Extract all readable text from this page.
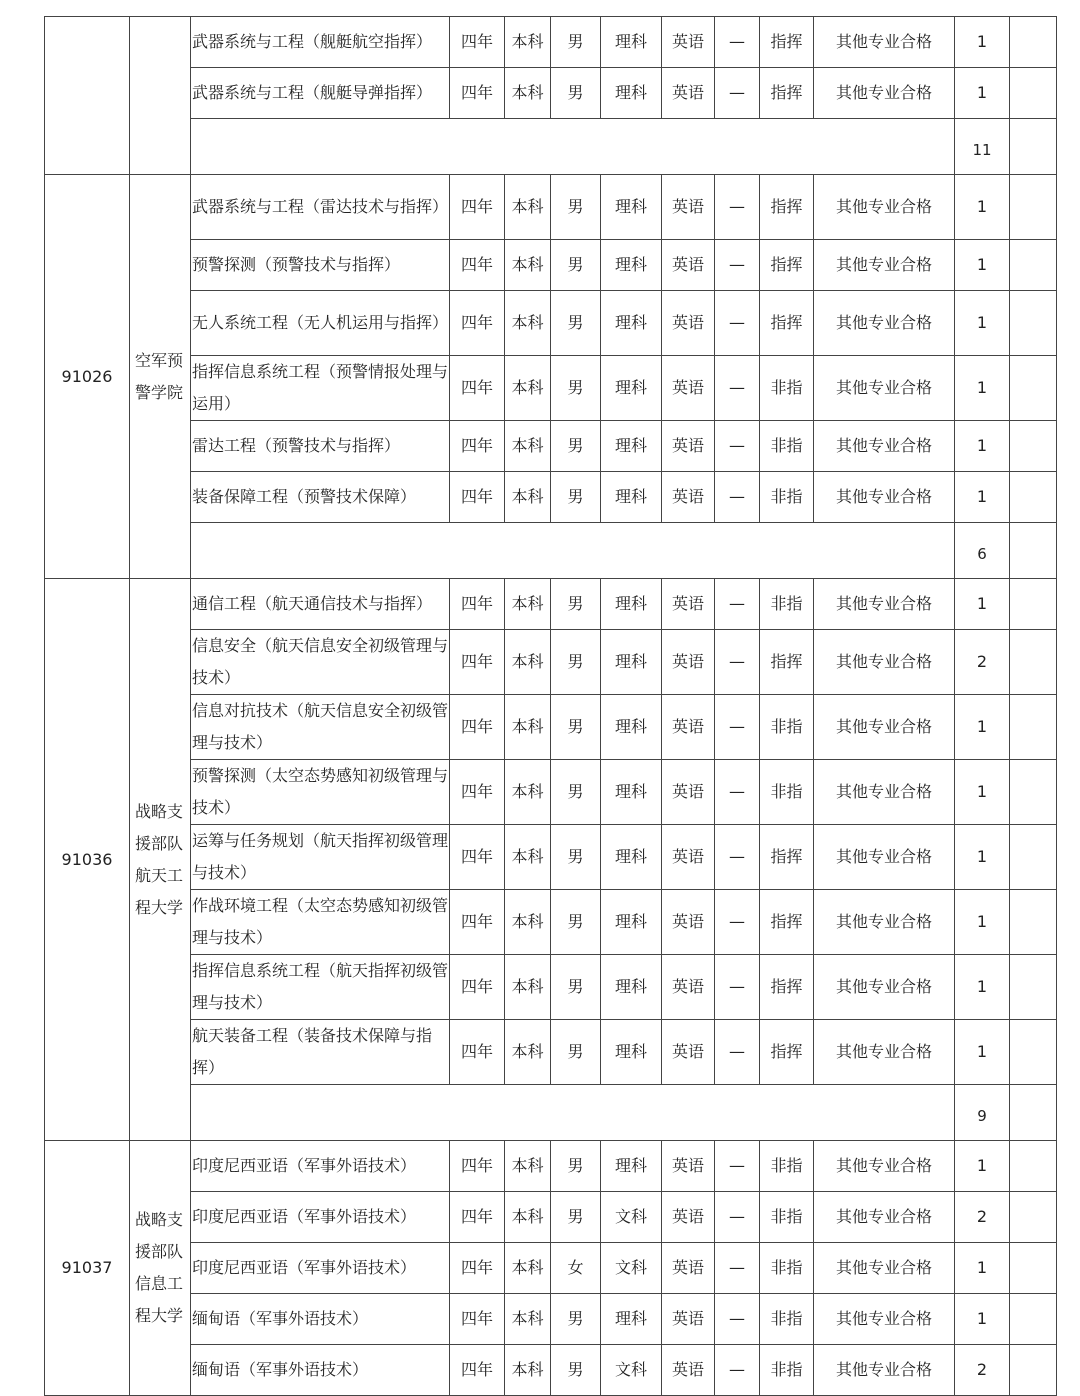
		武器系统与工程（舰艇航空指挥）	四年	本科	男	理科	英语	—	指挥	其他专业合格	1	
		武器系统与工程（舰艇导弹指挥）	四年	本科	男	理科	英语	—	指挥	其他专业合格	1	
											11	
91026	空军预警学院	武器系统与工程（雷达技术与指挥）	四年	本科	男	理科	英语	—	指挥	其他专业合格	1	
		预警探测（预警技术与指挥）	四年	本科	男	理科	英语	—	指挥	其他专业合格	1	
		无人系统工程（无人机运用与指挥）	四年	本科	男	理科	英语	—	指挥	其他专业合格	1	
		指挥信息系统工程（预警情报处理与运用）	四年	本科	男	理科	英语	—	非指	其他专业合格	1	
		雷达工程（预警技术与指挥）	四年	本科	男	理科	英语	—	非指	其他专业合格	1	
		装备保障工程（预警技术保障）	四年	本科	男	理科	英语	—	非指	其他专业合格	1	
											6	
91036	战略支援部队航天工程大学	通信工程（航天通信技术与指挥）	四年	本科	男	理科	英语	—	非指	其他专业合格	1	
		信息安全（航天信息安全初级管理与技术）	四年	本科	男	理科	英语	—	指挥	其他专业合格	2	
		信息对抗技术（航天信息安全初级管理与技术）	四年	本科	男	理科	英语	—	非指	其他专业合格	1	
		预警探测（太空态势感知初级管理与技术）	四年	本科	男	理科	英语	—	非指	其他专业合格	1	
		运筹与任务规划（航天指挥初级管理与技术）	四年	本科	男	理科	英语	—	指挥	其他专业合格	1	
		作战环境工程（太空态势感知初级管理与技术）	四年	本科	男	理科	英语	—	指挥	其他专业合格	1	
		指挥信息系统工程（航天指挥初级管理与技术）	四年	本科	男	理科	英语	—	指挥	其他专业合格	1	
		航天装备工程（装备技术保障与指挥）	四年	本科	男	理科	英语	—	指挥	其他专业合格	1	
											9	
91037	战略支援部队信息工程大学	印度尼西亚语（军事外语技术）	四年	本科	男	理科	英语	—	非指	其他专业合格	1	
		印度尼西亚语（军事外语技术）	四年	本科	男	文科	英语	—	非指	其他专业合格	2	
		印度尼西亚语（军事外语技术）	四年	本科	女	文科	英语	—	非指	其他专业合格	1	
		缅甸语（军事外语技术）	四年	本科	男	理科	英语	—	非指	其他专业合格	1	
		缅甸语（军事外语技术）	四年	本科	男	文科	英语	—	非指	其他专业合格	2	
